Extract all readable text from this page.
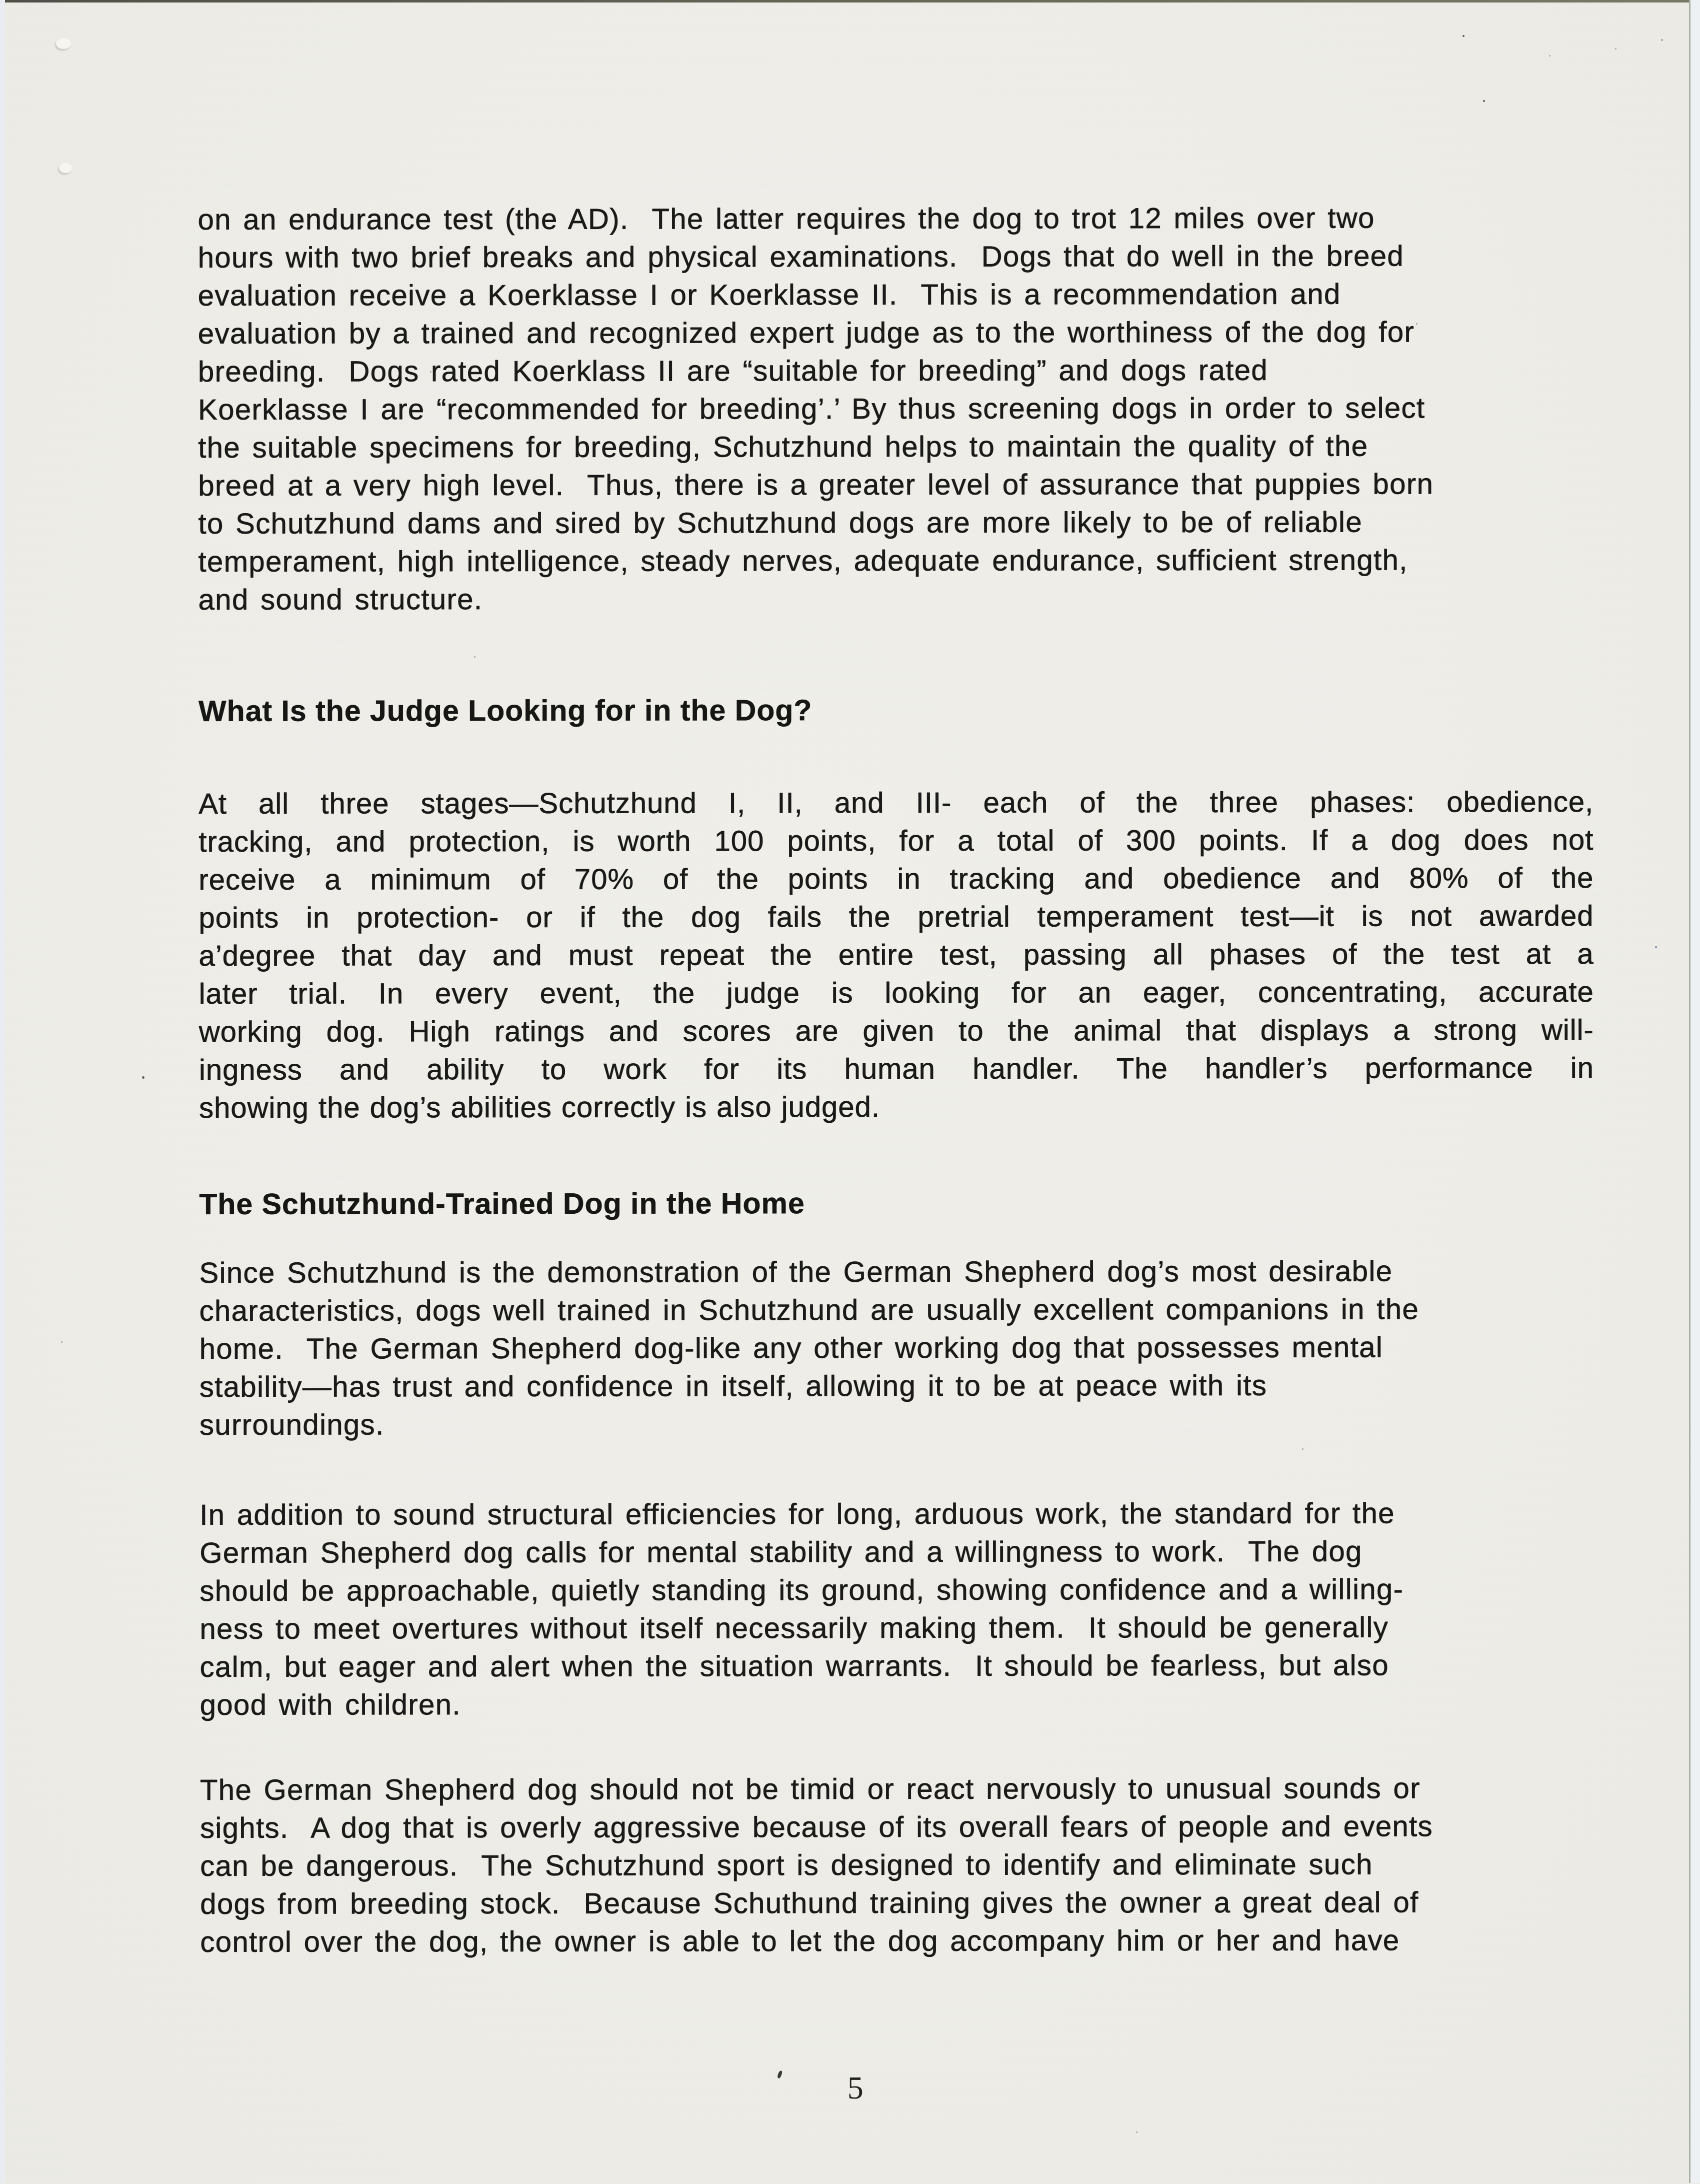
on an endurance test (the AD).  The latter requires the dog to trot 12 miles over two
hours with two brief breaks and physical examinations.  Dogs that do well in the breed
evaluation receive a Koerklasse I or Koerklasse II.  This is a recommendation and
evaluation by a trained and recognized expert judge as to the worthiness of the dog for
breeding.  Dogs rated Koerklass II are “suitable for breeding” and dogs rated
Koerklasse I are “recommended for breeding’.’ By thus screening dogs in order to select
the suitable specimens for breeding, Schutzhund helps to maintain the quality of the
breed at a very high level.  Thus, there is a greater level of assurance that puppies born
to Schutzhund dams and sired by Schutzhund dogs are more likely to be of reliable
temperament, high intelligence, steady nerves, adequate endurance, sufficient strength,
and sound structure.
What Is the Judge Looking for in the Dog?
At all three stages—Schutzhund I, II, and III- each of the three phases: obedience,
tracking, and protection, is worth 100 points, for a total of 300 points. If a dog does not
receive a minimum of 70% of the points in tracking and obedience and 80% of the
points in protection- or if the dog fails the pretrial temperament test—it is not awarded
a’degree that day and must repeat the entire test, passing all phases of the test at a
later trial. In every event, the judge is looking for an eager, concentrating, accurate
working dog. High ratings and scores are given to the animal that displays a strong will-
ingness and ability to work for its human handler. The handler’s performance in
showing the dog’s abilities correctly is also judged.
The Schutzhund-Trained Dog in the Home
Since Schutzhund is the demonstration of the German Shepherd dog’s most desirable
characteristics, dogs well trained in Schutzhund are usually excellent companions in the
home.  The German Shepherd dog-like any other working dog that possesses mental
stability—has trust and confidence in itself, allowing it to be at peace with its
surroundings.
In addition to sound structural efficiencies for long, arduous work, the standard for the
German Shepherd dog calls for mental stability and a willingness to work.  The dog
should be approachable, quietly standing its ground, showing confidence and a willing-
ness to meet overtures without itself necessarily making them.  It should be generally
calm, but eager and alert when the situation warrants.  It should be fearless, but also
good with children.
The German Shepherd dog should not be timid or react nervously to unusual sounds or
sights.  A dog that is overly aggressive because of its overall fears of people and events
can be dangerous.  The Schutzhund sport is designed to identify and eliminate such
dogs from breeding stock.  Because Schuthund training gives the owner a great deal of
control over the dog, the owner is able to let the dog accompany him or her and have
5
